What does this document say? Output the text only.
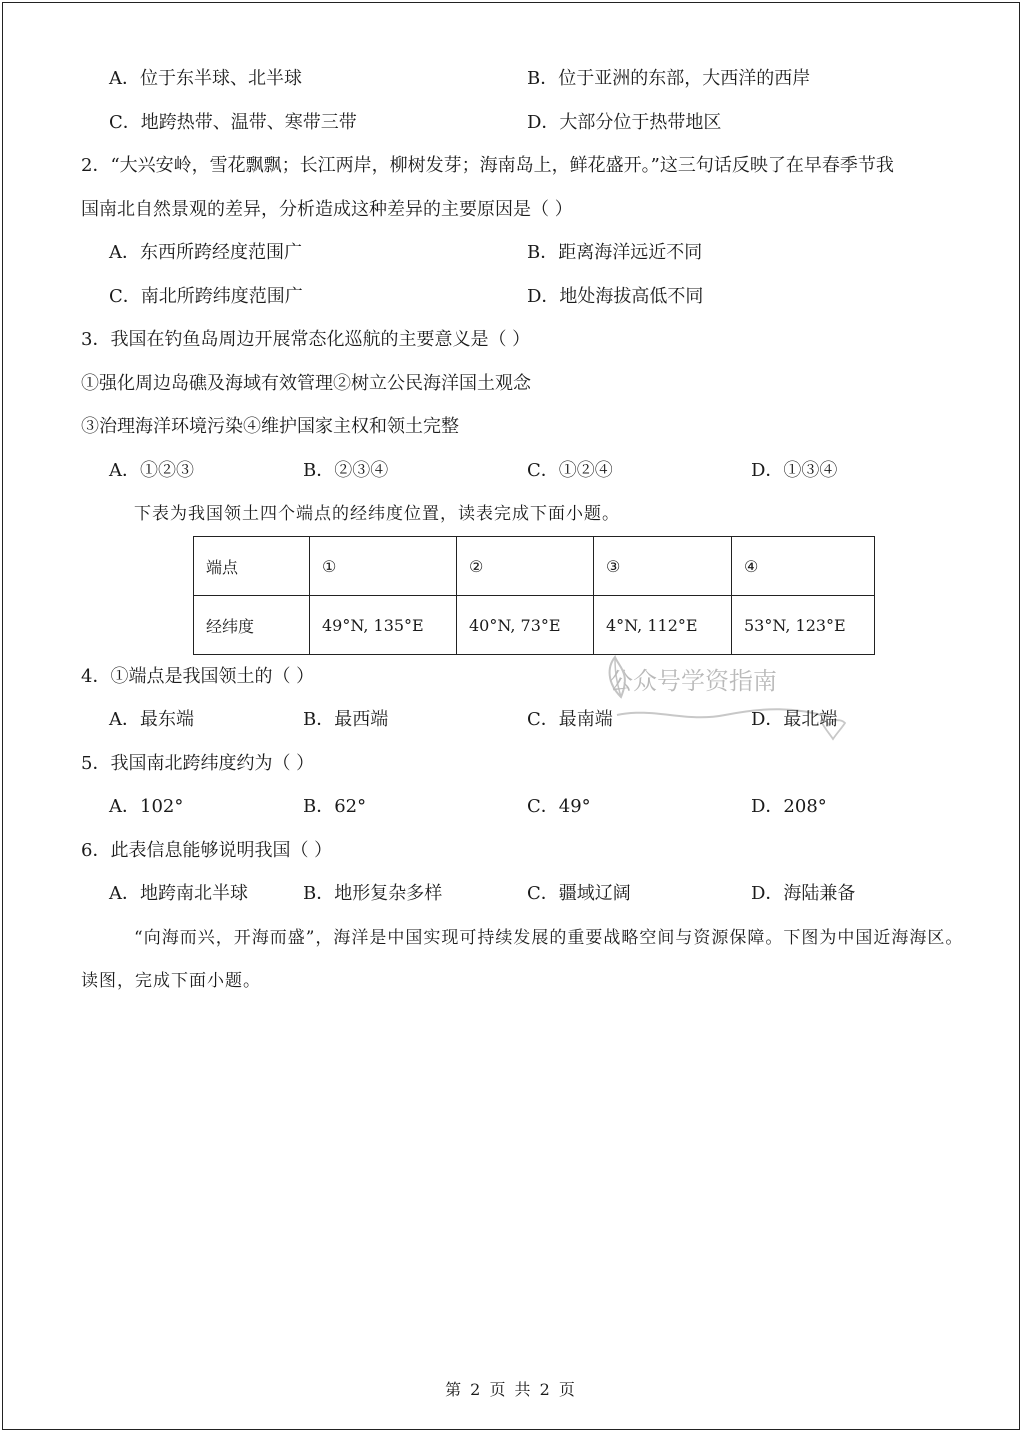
A．位于东半球、北半球	B．位于亚洲的东部，大西洋的西岸
C．地跨热带、温带、寒带三带	D．大部分位于热带地区
2．“大兴安岭，雪花飘飘；长江两岸，柳树发芽；海南岛上，鲜花盛开。”这三句话反映了在早春季节我
国南北自然景观的差异，分析造成这种差异的主要原因是（ ）
A．东西所跨经度范围广	B．距离海洋远近不同
C．南北所跨纬度范围广	D．地处海拔高低不同
3．我国在钓鱼岛周边开展常态化巡航的主要意义是（ ）
①强化周边岛礁及海域有效管理②树立公民海洋国土观念
③治理海洋环境污染④维护国家主权和领土完整
A．①②③	B．②③④	C．①②④	D．①③④
下表为我国领土四个端点的经纬度位置，读表完成下面小题。
端点	①	②	③	④
经纬度	49°N, 135°E	40°N, 73°E	4°N, 112°E	53°N, 123°E
公众号学资指南
4．①端点是我国领土的（ ）
A．最东端	B．最西端	C．最南端	D．最北端
5．我国南北跨纬度约为（ ）
A．102°	B．62°	C．49°	D．208°
6．此表信息能够说明我国（ ）
A．地跨南北半球	B．地形复杂多样	C．疆域辽阔	D．海陆兼备
“向海而兴，开海而盛”，海洋是中国实现可持续发展的重要战略空间与资源保障。下图为中国近海海区。
读图，完成下面小题。
第 2 页 共 2 页
